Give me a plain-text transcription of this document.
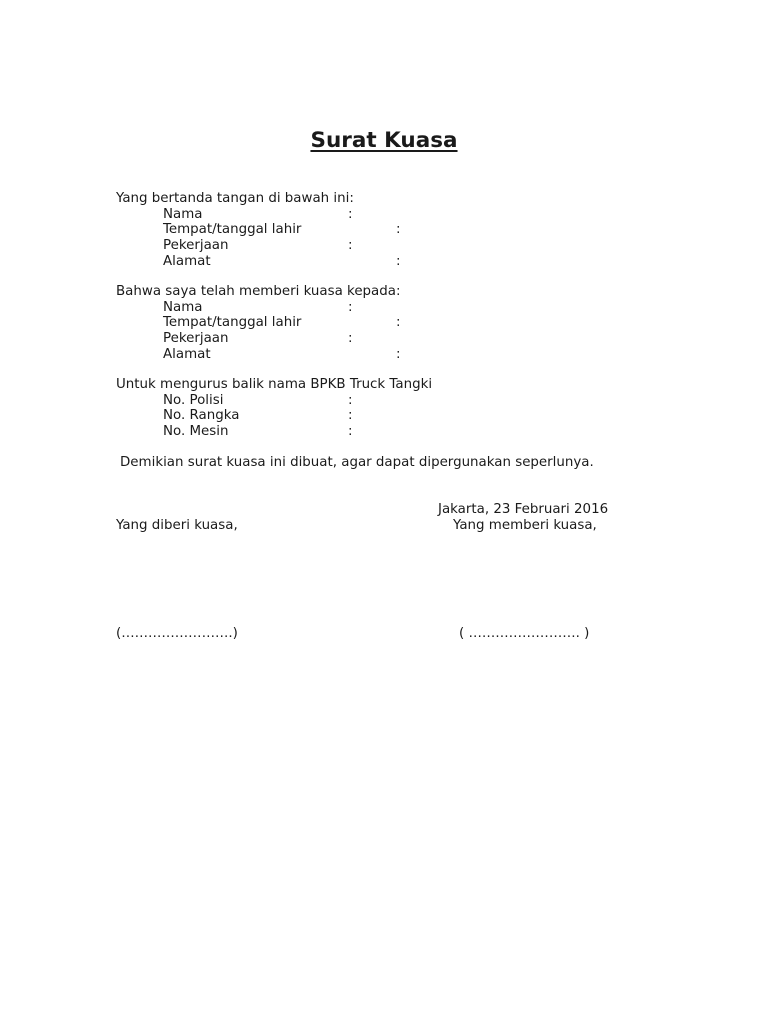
Surat Kuasa
Yang bertanda tangan di bawah ini:
Nama	:
Tempat/tanggal lahir	:
Pekerjaan	:
Alamat	:
Bahwa saya telah memberi kuasa kepada:
Nama	:
Tempat/tanggal lahir	:
Pekerjaan	:
Alamat	:
Untuk mengurus balik nama BPKB Truck Tangki
No. Polisi	:
No. Rangka	:
No. Mesin	:
Demikian surat kuasa ini dibuat, agar dapat dipergunakan seperlunya.
Jakarta, 23 Februari 2016
Yang diberi kuasa,	Yang memberi kuasa,
(…………………….)	( ……………………. )
